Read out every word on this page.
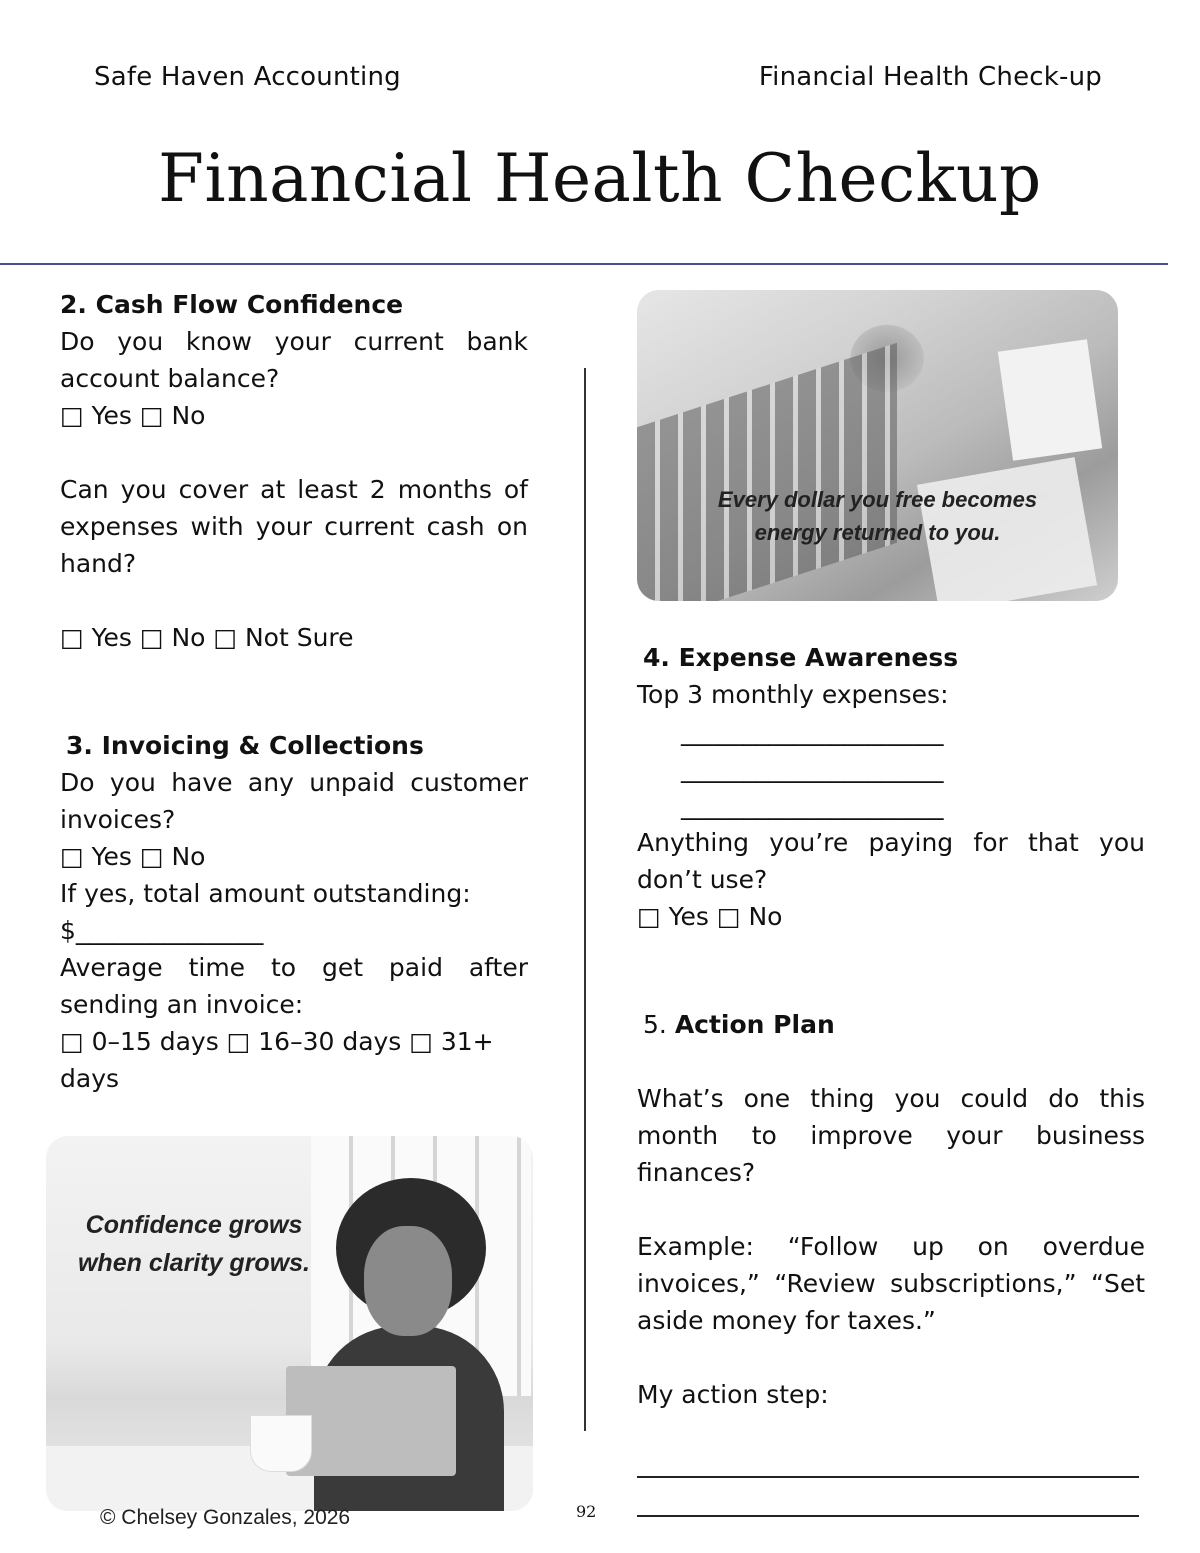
Safe Haven Accounting	Financial Health Check-up
Financial Health Checkup

2. Cash Flow Confidence

Do you know your current bank account balance?

□ Yes □ No

Can you cover at least 2 months of expenses with your current cash on hand?

□ Yes □ No □ Not Sure

3. Invoicing & Collections

Do you have any unpaid customer invoices?

□ Yes □ No

If yes, total amount outstanding:

$_______________

Average time to get paid after sending an invoice:

□ 0–15 days □ 16–30 days □ 31+ days

Confidence grows
when clarity grows.
Every dollar you free becomes
energy returned to you.

4. Expense Awareness

Top 3 monthly expenses:

_____________________

_____________________

_____________________

Anything you’re paying for that you don’t use?

□ Yes □ No

5. Action Plan

What’s one thing you could do this month to improve your business finances?

Example: “Follow up on overdue invoices,” “Review subscriptions,” “Set aside money for taxes.”

My action step:

© Chelsey Gonzales, 2026	92
